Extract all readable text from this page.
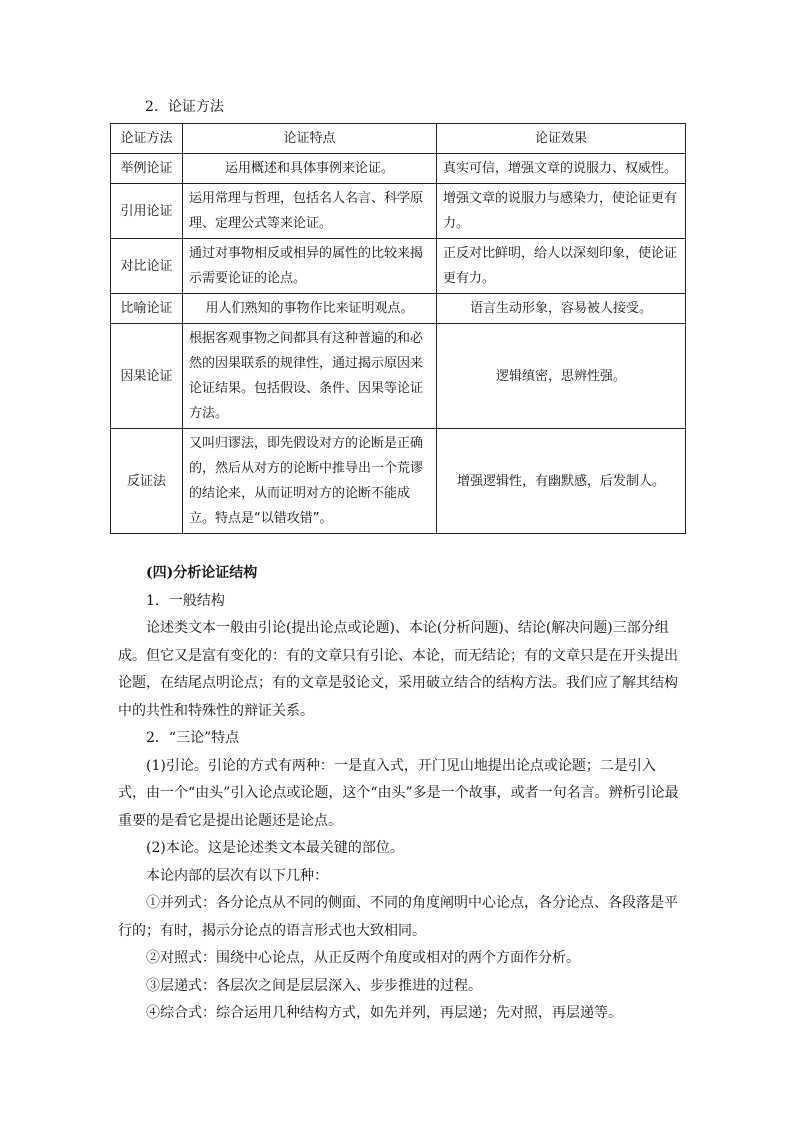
2．论证方法
论证方法	论证特点	论证效果
举例论证	运用概述和具体事例来论证。	真实可信，增强文章的说服力、权威性。
引用论证	运用常理与哲理，包括名人名言、科学原理、定理公式等来论证。	增强文章的说服力与感染力，使论证更有力。
对比论证	通过对事物相反或相异的属性的比较来揭示需要论证的论点。	正反对比鲜明，给人以深刻印象，使论证更有力。
比喻论证	用人们熟知的事物作比来证明观点。	语言生动形象，容易被人接受。
因果论证	根据客观事物之间都具有这种普遍的和必然的因果联系的规律性，通过揭示原因来论证结果。包括假设、条件、因果等论证方法。	逻辑缜密，思辨性强。
反证法	又叫归谬法，即先假设对方的论断是正确的，然后从对方的论断中推导出一个荒谬的结论来，从而证明对方的论断不能成立。特点是“以错攻错”。	增强逻辑性，有幽默感，后发制人。

(四)分析论证结构

1．一般结构

论述类文本一般由引论(提出论点或论题)、本论(分析问题)、结论(解决问题)三部分组成。但它又是富有变化的：有的文章只有引论、本论，而无结论；有的文章只是在开头提出论题，在结尾点明论点；有的文章是驳论文，采用破立结合的结构方法。我们应了解其结构中的共性和特殊性的辩证关系。

2．“三论”特点

(1)引论。引论的方式有两种：一是直入式，开门见山地提出论点或论题；二是引入式，由一个“由头”引入论点或论题，这个“由头”多是一个故事，或者一句名言。辨析引论最重要的是看它是提出论题还是论点。

(2)本论。这是论述类文本最关键的部位。

本论内部的层次有以下几种：

①并列式：各分论点从不同的侧面、不同的角度阐明中心论点，各分论点、各段落是平行的；有时，揭示分论点的语言形式也大致相同。

②对照式：围绕中心论点，从正反两个角度或相对的两个方面作分析。

③层递式：各层次之间是层层深入、步步推进的过程。

④综合式：综合运用几种结构方式，如先并列，再层递；先对照，再层递等。
